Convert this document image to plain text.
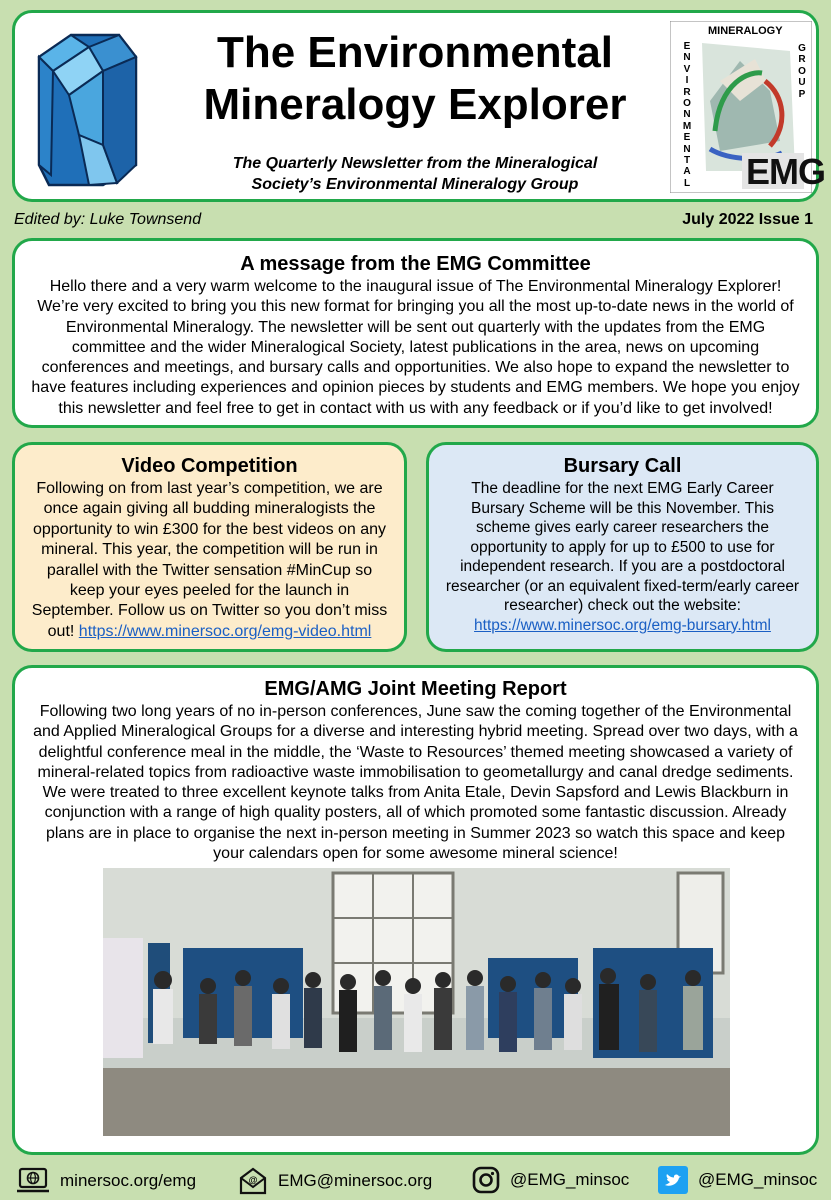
The Environmental
Mineralogy Explorer
The Quarterly Newsletter from the Mineralogical
Society’s Environmental Mineralogy Group
MINERALOGY
E
N
V
I
R
O
N
M
E
N
T
A
L
G
R
O
U
P
EMG
Edited by: Luke Townsend	July 2022 Issue 1
A message from the EMG Committee

Hello there and a very warm welcome to the inaugural issue of The Environmental Mineralogy Explorer! We’re very excited to bring you this new format for bringing you all the most up-to-date news in the world of Environmental Mineralogy. The newsletter will be sent out quarterly with the updates from the EMG committee and the wider Mineralogical Society, latest publications in the area, news on upcoming conferences and meetings, and bursary calls and opportunities. We also hope to expand the newsletter to have features including experiences and opinion pieces by students and EMG members. We hope you enjoy this newsletter and feel free to get in contact with us with any feedback or if you’d like to get involved!

Video Competition

Following on from last year’s competition, we are once again giving all budding mineralogists the opportunity to win £300 for the best videos on any mineral. This year, the competition will be run in parallel with the Twitter sensation #MinCup so keep your eyes peeled for the launch in September. Follow us on Twitter so you don’t miss out! https://www.minersoc.org/emg-video.html

Bursary Call

The deadline for the next EMG Early Career Bursary Scheme will be this November. This scheme gives early career researchers the opportunity to apply for up to £500 to use for independent research. If you are a postdoctoral researcher (or an equivalent fixed-term/early career researcher) check out the website: https://www.minersoc.org/emg-bursary.html

EMG/AMG Joint Meeting Report

Following two long years of no in-person conferences, June saw the coming together of the Environmental and Applied Mineralogical Groups for a diverse and interesting hybrid meeting. Spread over two days, with a delightful conference meal in the middle, the ‘Waste to Resources’ themed meeting showcased a variety of mineral-related topics from radioactive waste immobilisation to geometallurgy and canal dredge sediments. We were treated to three excellent keynote talks from Anita Etale, Devin Sapsford and Lewis Blackburn in conjunction with a range of high quality posters, all of which promoted some fantastic discussion. Already plans are in place to organise the next in-person meeting in Summer 2023 so watch this space and keep your calendars open for some awesome mineral science!

minersoc.org/emg	@ EMG@minersoc.org	@EMG_minsoc	@EMG_minsoc
